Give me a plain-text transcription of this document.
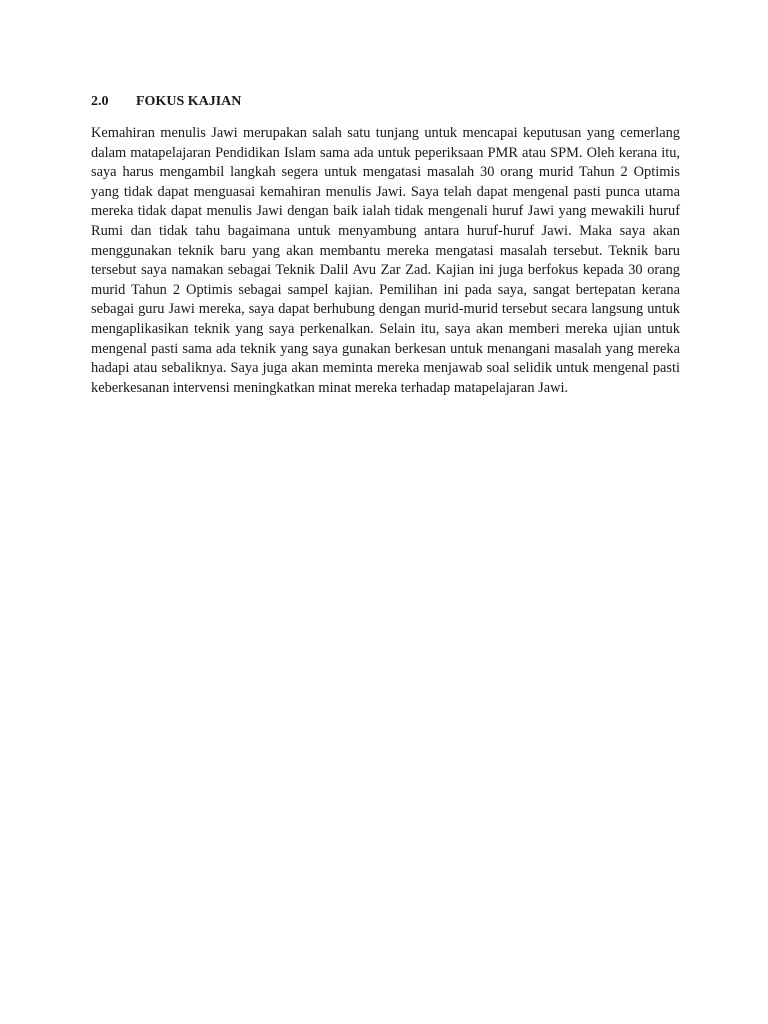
2.0 FOKUS KAJIAN

Kemahiran menulis Jawi merupakan salah satu tunjang untuk mencapai keputusan yang cemerlang dalam matapelajaran Pendidikan Islam sama ada untuk peperiksaan PMR atau SPM. Oleh kerana itu, saya harus mengambil langkah segera untuk mengatasi masalah 30 orang murid Tahun 2 Optimis yang tidak dapat menguasai kemahiran menulis Jawi. Saya telah dapat mengenal pasti punca utama mereka tidak dapat menulis Jawi dengan baik ialah tidak mengenali huruf Jawi yang mewakili huruf Rumi dan tidak tahu bagaimana untuk menyambung antara huruf-huruf Jawi. Maka saya akan menggunakan teknik baru yang akan membantu mereka mengatasi masalah tersebut. Teknik baru tersebut saya namakan sebagai Teknik Dalil Avu Zar Zad. Kajian ini juga berfokus kepada 30 orang murid Tahun 2 Optimis sebagai sampel kajian. Pemilihan ini pada saya, sangat bertepatan kerana sebagai guru Jawi mereka, saya dapat berhubung dengan murid-murid tersebut secara langsung untuk mengaplikasikan teknik yang saya perkenalkan. Selain itu, saya akan memberi mereka ujian untuk mengenal pasti sama ada teknik yang saya gunakan berkesan untuk menangani masalah yang mereka hadapi atau sebaliknya. Saya juga akan meminta mereka menjawab soal selidik untuk mengenal pasti keberkesanan intervensi meningkatkan minat mereka terhadap matapelajaran Jawi.
